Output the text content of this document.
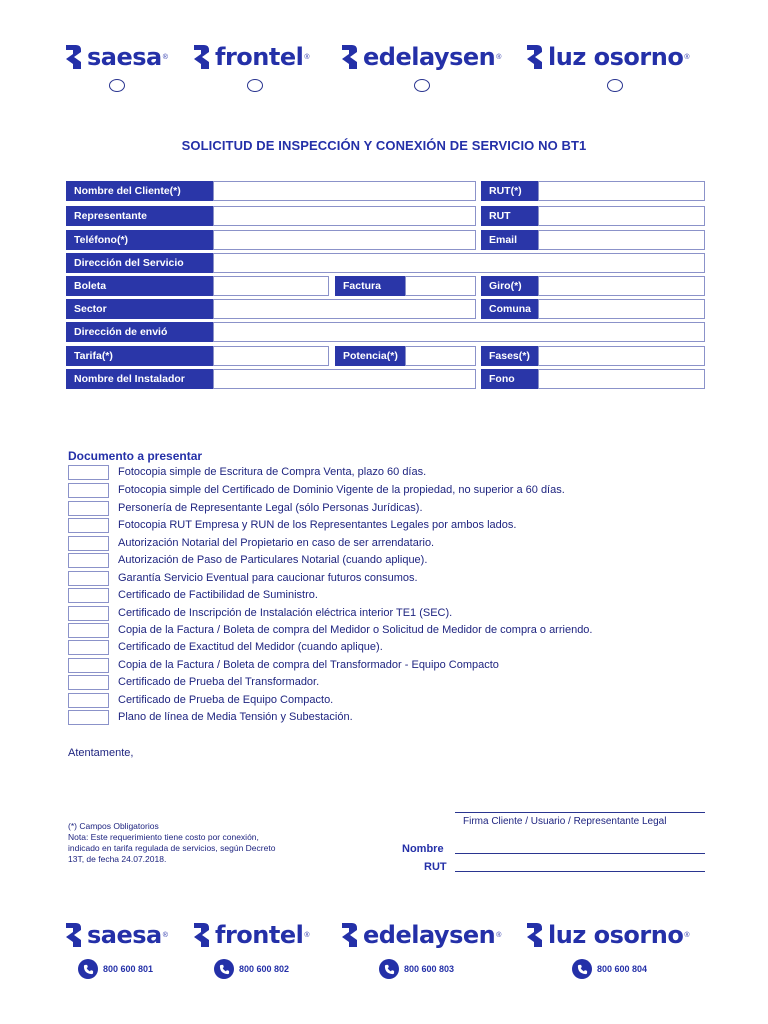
saesa ® frontel ® edelaysen ® luz osorno ®
SOLICITUD DE INSPECCIÓN Y CONEXIÓN DE SERVICIO NO BT1
Nombre del Cliente(*)	RUT(*)
Representante	RUT
Teléfono(*)	Email
Dirección del Servicio
Boleta	Factura	Giro(*)
Sector	Comuna
Dirección de envió
Tarifa(*)	Potencia(*)	Fases(*)
Nombre del Instalador	Fono
Documento a presentar
Fotocopia simple de Escritura de Compra Venta, plazo 60 días.
Fotocopia simple del Certificado de Dominio Vigente de la propiedad, no superior a 60 días.
Personería de Representante Legal (sólo Personas Jurídicas).
Fotocopia RUT Empresa y RUN de los Representantes Legales por ambos lados.
Autorización Notarial del Propietario en caso de ser arrendatario.
Autorización de Paso de Particulares Notarial (cuando aplique).
Garantía Servicio Eventual para caucionar futuros consumos.
Certificado de Factibilidad de Suministro.
Certificado de Inscripción de Instalación eléctrica interior TE1 (SEC).
Copia de la Factura / Boleta de compra del Medidor o Solicitud de Medidor de compra o arriendo.
Certificado de Exactitud del Medidor (cuando aplique).
Copia de la Factura / Boleta de compra del Transformador - Equipo Compacto
Certificado de Prueba del Transformador.
Certificado de Prueba de Equipo Compacto.
Plano de línea de Media Tensión y Subestación.
Atentamente,
Firma Cliente / Usuario / Representante Legal
(*) Campos Obligatorios
Nota: Este requerimiento tiene costo por conexión,
indicado en tarifa regulada de servicios, según Decreto
13T, de fecha 24.07.2018.
Nombre
RUT
saesa ® frontel ® edelaysen ® luz osorno ®
800 600 801	800 600 802	800 600 803	800 600 804
